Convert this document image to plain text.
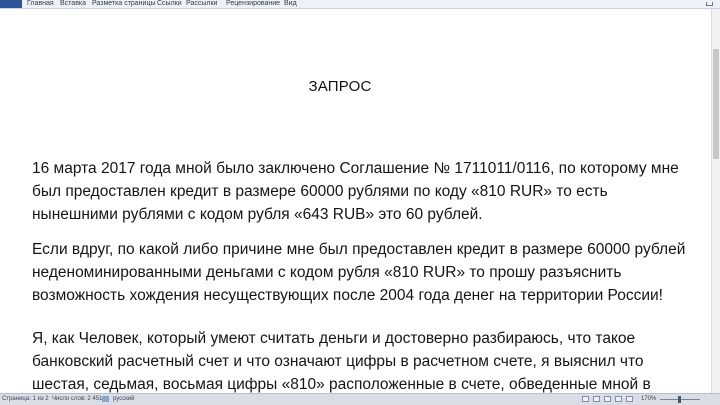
Главная Вставка Разметка страницы Ссылки Рассылки Рецензирование Вид
ЗАПРОС
16 марта 2017 года мной было заключено Соглашение № 1711011/0116, по которому мне
был предоставлен кредит в размере 60000 рублями по коду «810 RUR» то есть
нынешними рублями с кодом рубля «643 RUB» это 60 рублей.
Если вдруг, по какой либо причине мне был предоставлен кредит в размере 60000 рублей
неденоминированными деньгами с кодом рубля «810 RUR» то прошу разъяснить
возможность хождения несуществующих после 2004 года денег на территории России!
Я, как Человек, который умеют считать деньги и достоверно разбираюсь, что такое
банковский расчетный счет и что означают цифры в расчетном счете, я выяснил что
шестая, седьмая, восьмая цифры «810» расположенные в счете, обведенные мной в
Страница: 1 из 2 Число слов: 2 451 русский	170%
